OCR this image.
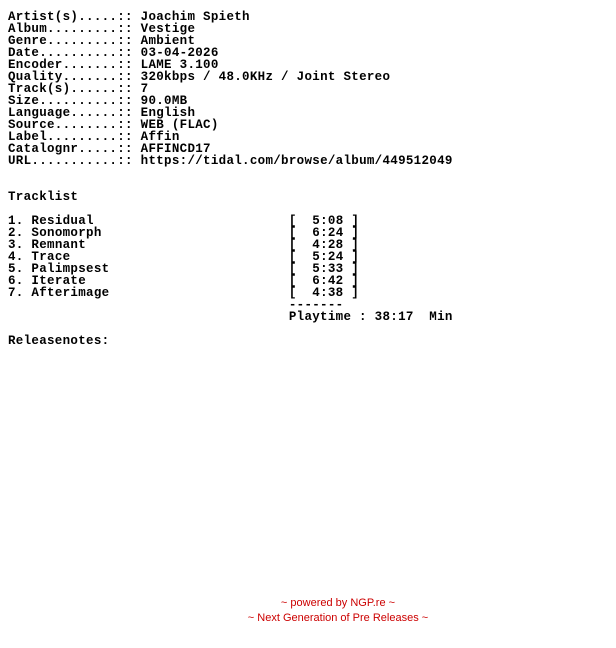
Artist(s).....:: Joachim Spieth
Album.........:: Vestige
Genre.........:: Ambient
Date..........:: 03-04-2026
Encoder.......:: LAME 3.100
Quality.......:: 320kbps / 48.0KHz / Joint Stereo
Track(s)......:: 7
Size..........:: 90.0MB
Language......:: English
Source........:: WEB (FLAC)
Label.........:: Affin
Catalognr.....:: AFFINCD17
URL...........:: https://tidal.com/browse/album/449512049

Tracklist

1. Residual                         [  5:08 ]
2. Sonomorph                        [  6:24 ]
3. Remnant                          [  4:28 ]
4. Trace                            [  5:24 ]
5. Palimpsest                       [  5:33 ]
6. Iterate                          [  6:42 ]
7. Afterimage                       [  4:38 ]
-------
Playtime : 38:17 Min

Releasenotes:
~ powered by NGP.re ~
~ Next Generation of Pre Releases ~
